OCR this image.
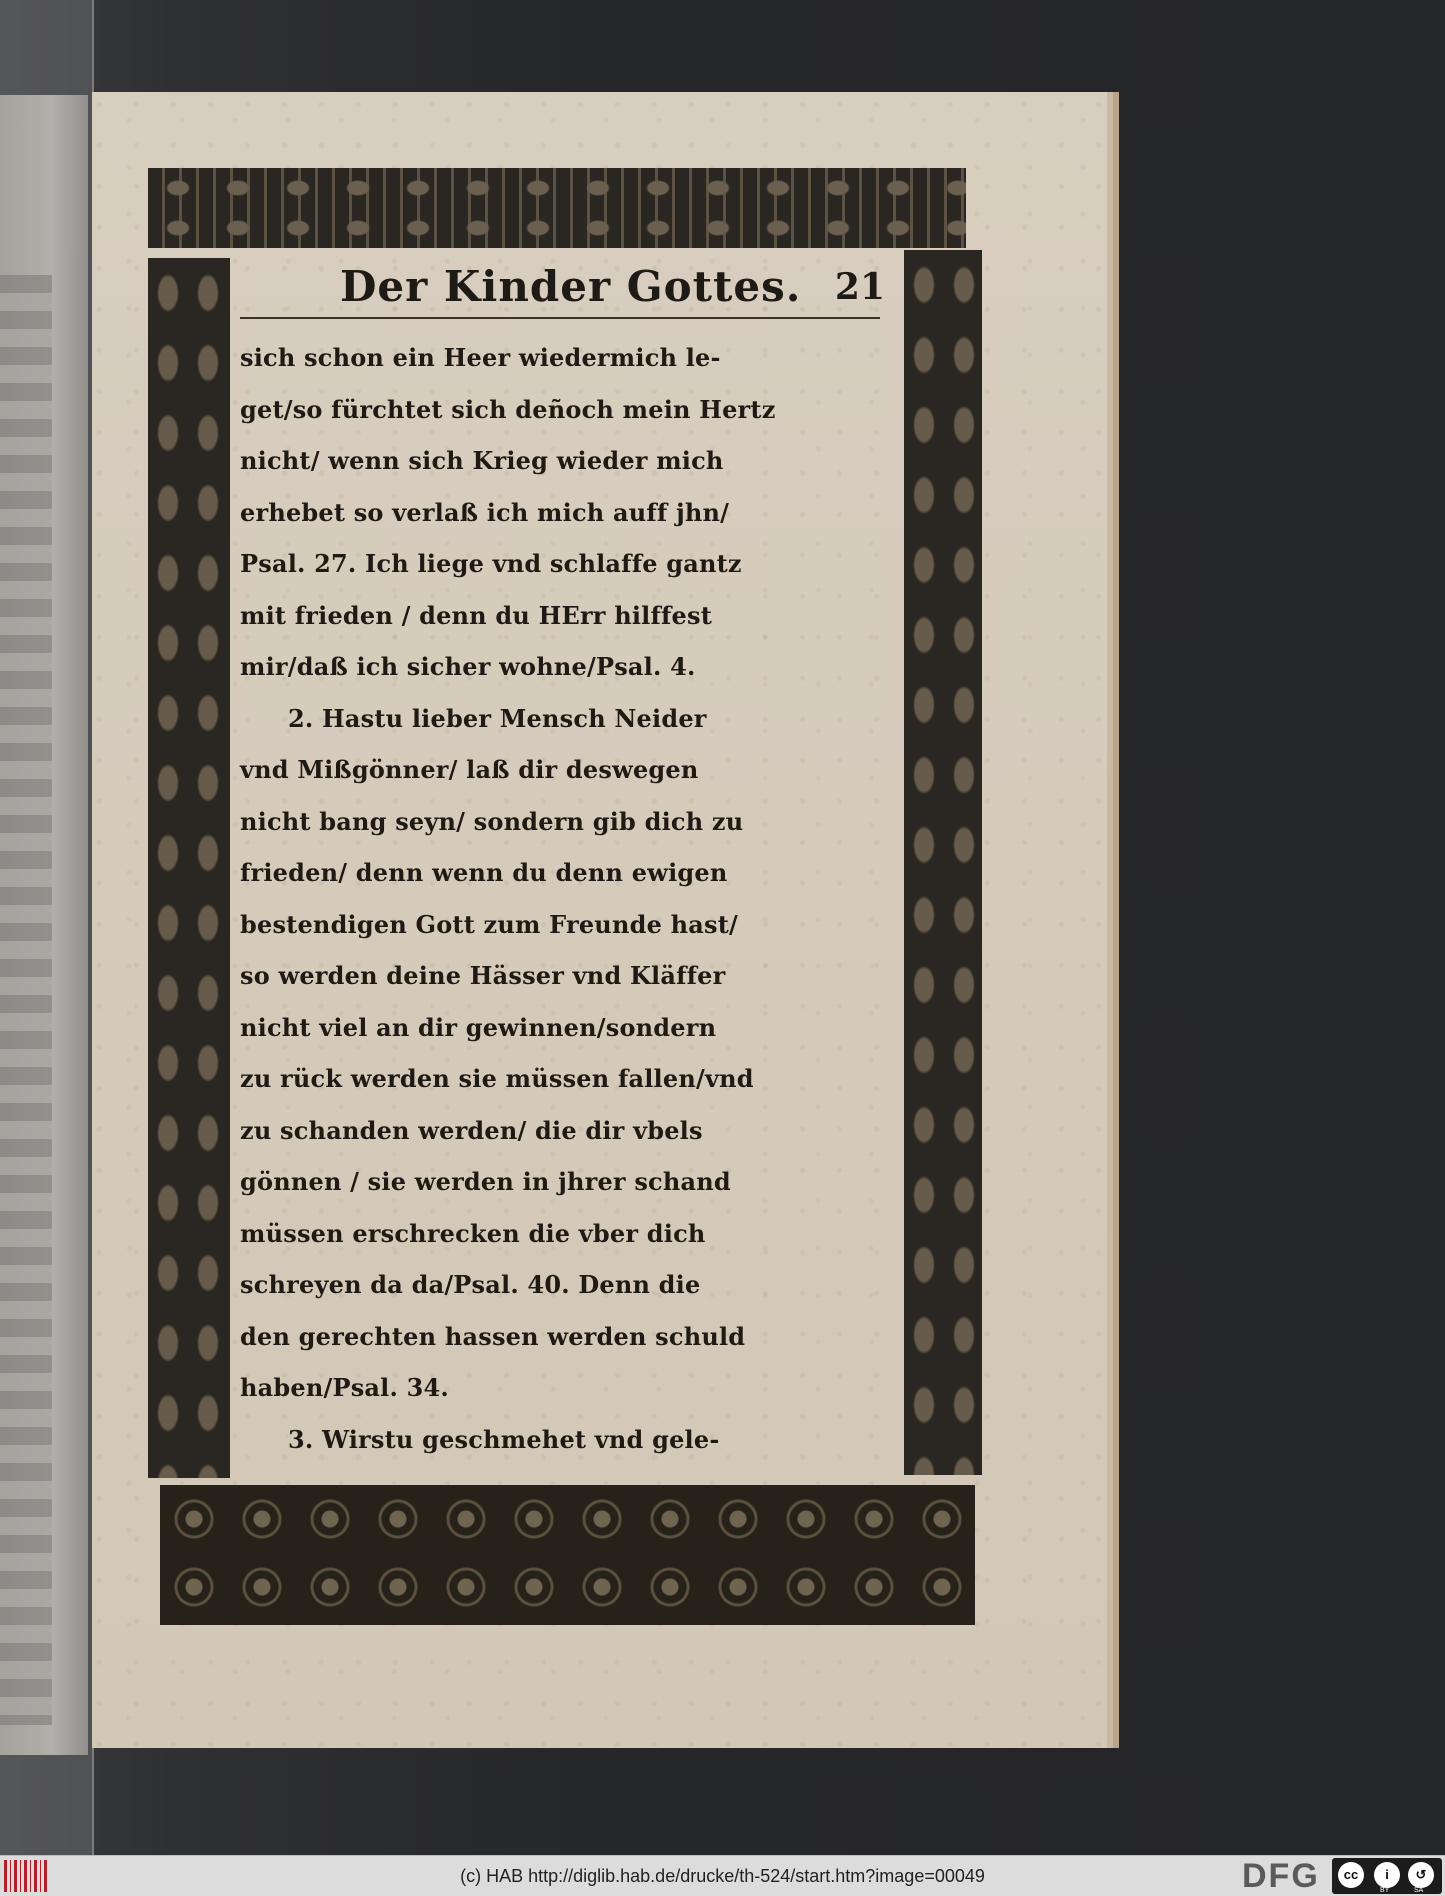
Der Kinder Gottes. 21
sich schon ein Heer wiedermich le-
get/so fürchtet sich deñoch mein Hertz
nicht/ wenn sich Krieg wieder mich
erhebet so verlaß ich mich auff jhn/
Psal. 27. Ich liege vnd schlaffe gantz
mit frieden / denn du HErr hilffest
mir/daß ich sicher wohne/Psal. 4.
2. Hastu lieber Mensch Neider
vnd Mißgönner/ laß dir deswegen
nicht bang seyn/ sondern gib dich zu
frieden/ denn wenn du denn ewigen
bestendigen Gott zum Freunde hast/
so werden deine Hässer vnd Kläffer
nicht viel an dir gewinnen/sondern
zu rück werden sie müssen fallen/vnd
zu schanden werden/ die dir vbels
gönnen / sie werden in jhrer schand
müssen erschrecken die vber dich
schreyen da da/Psal. 40. Denn die
den gerechten hassen werden schuld
haben/Psal. 34.
3. Wirstu geschmehet vnd gele-
(c) HAB http://diglib.hab.de/drucke/th-524/start.htm?image=00049	DFG	cc	i	↺
BY	SA
